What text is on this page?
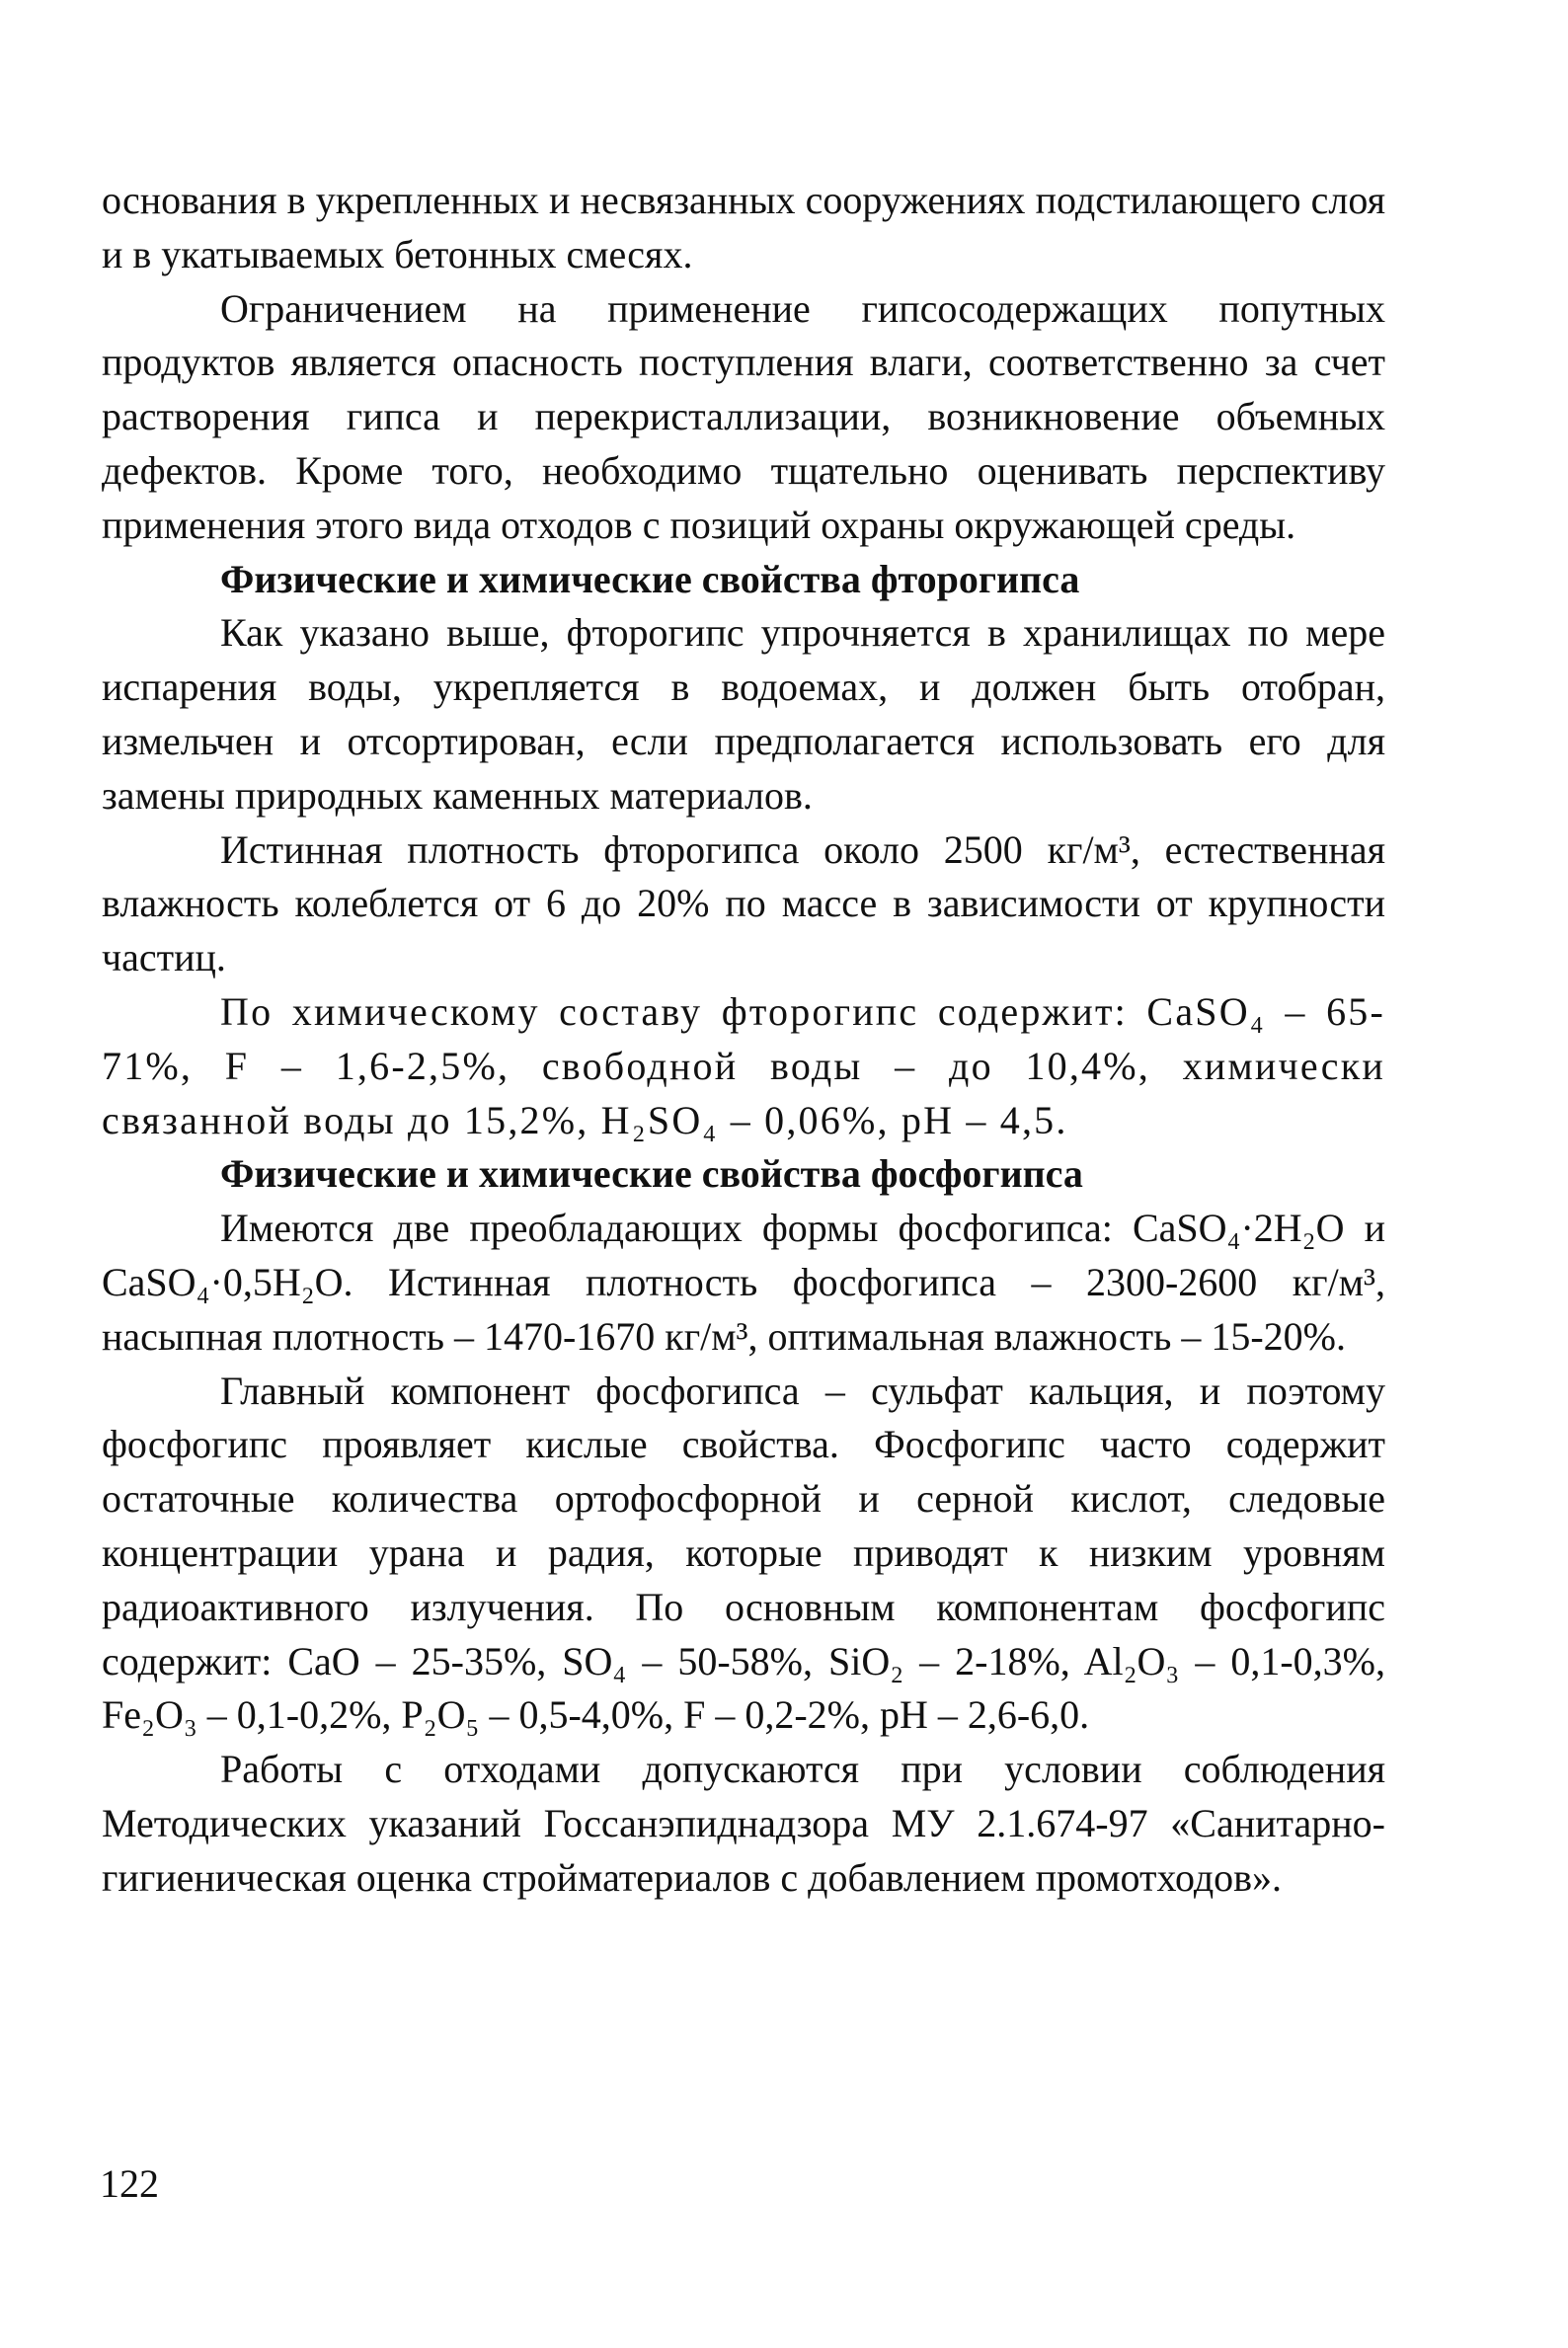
основания в укрепленных и несвязанных сооружениях подстилающего слоя и в укатываемых бетонных смесях.

Ограничением на применение гипсосодержащих попутных продуктов является опасность поступления влаги, соответственно за счет растворения гипса и перекристаллизации, возникновение объемных дефектов. Кроме того, необходимо тщательно оценивать перспективу применения этого вида отходов с позиций охраны окружающей среды.

Физические и химические свойства фторогипса

Как указано выше, фторогипс упрочняется в хранилищах по мере испарения воды, укрепляется в водоемах, и должен быть отобран, измельчен и отсортирован, если предполагается использовать его для замены природных каменных материалов.

Истинная плотность фторогипса около 2500 кг/м³, естественная влажность колеблется от 6 до 20% по массе в зависимости от крупности частиц.

По химическому составу фторогипс содержит: CaSO₄ – 65-71%, F – 1,6-2,5%, свободной воды – до 10,4%, химически связанной воды до 15,2%, H₂SO₄ – 0,06%, pH – 4,5.

Физические и химические свойства фосфогипса

Имеются две преобладающих формы фосфогипса: CaSO₄·2H₂O и CaSO₄·0,5H₂O. Истинная плотность фосфогипса – 2300-2600 кг/м³, насыпная плотность – 1470-1670 кг/м³, оптимальная влажность – 15-20%.

Главный компонент фосфогипса – сульфат кальция, и поэтому фосфогипс проявляет кислые свойства. Фосфогипс часто содержит остаточные количества ортофосфорной и серной кислот, следовые концентрации урана и радия, которые приводят к низким уровням радиоактивного излучения. По основным компонентам фосфогипс содержит: CaO – 25-35%, SO₄ – 50-58%, SiO₂ – 2-18%, Al₂O₃ – 0,1-0,3%, Fe₂O₃ – 0,1-0,2%, P₂O₅ – 0,5-4,0%, F – 0,2-2%, pH – 2,6-6,0.

Работы с отходами допускаются при условии соблюдения Методических указаний Госсанэпиднадзора МУ 2.1.674-97 «Санитарно-гигиеническая оценка стройматериалов с добавлением промотходов».

122
